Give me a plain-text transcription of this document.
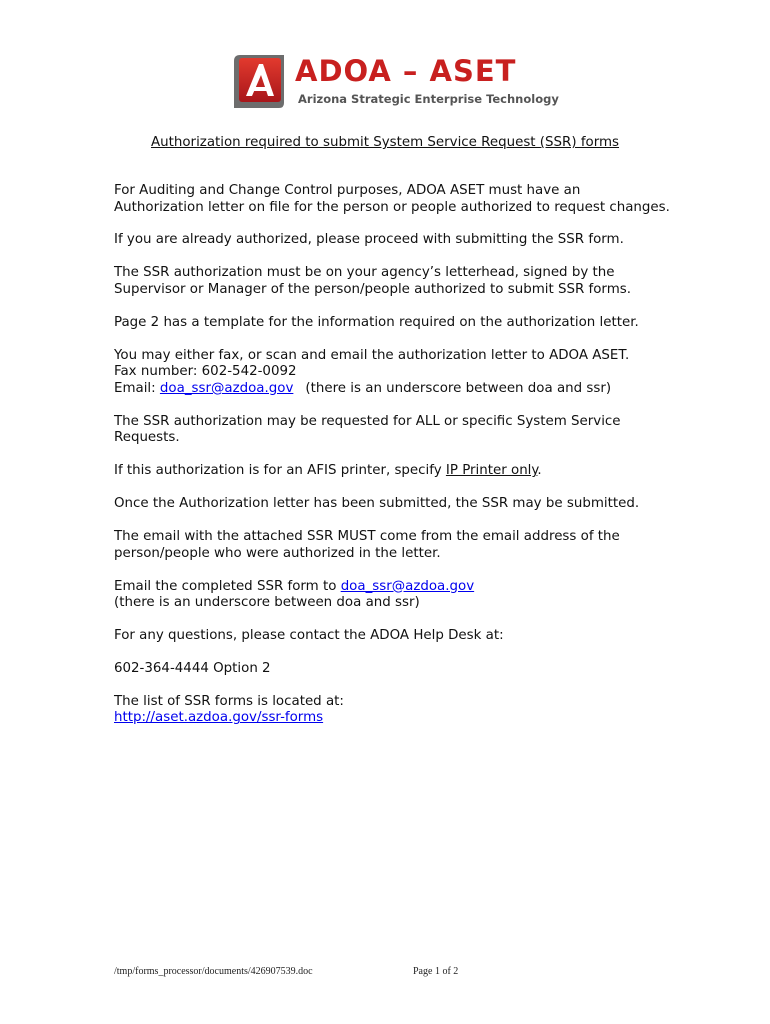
ADOA – ASET
Arizona Strategic Enterprise Technology
Authorization required to submit System Service Request (SSR) forms

For Auditing and Change Control purposes, ADOA ASET must have an Authorization letter on file for the person or people authorized to request changes.

If you are already authorized, please proceed with submitting the SSR form.

The SSR authorization must be on your agency’s letterhead, signed by the Supervisor or Manager of the person/people authorized to submit SSR forms.

Page 2 has a template for the information required on the authorization letter.

You may either fax, or scan and email the authorization letter to ADOA ASET.
Fax number: 602-542-0092
Email: doa_ssr@azdoa.gov (there is an underscore between doa and ssr)

The SSR authorization may be requested for ALL or specific System Service Requests.

If this authorization is for an AFIS printer, specify IP Printer only.

Once the Authorization letter has been submitted, the SSR may be submitted.

The email with the attached SSR MUST come from the email address of the person/people who were authorized in the letter.

Email the completed SSR form to doa_ssr@azdoa.gov
(there is an underscore between doa and ssr)

For any questions, please contact the ADOA Help Desk at:

602-364-4444 Option 2

The list of SSR forms is located at:
http://aset.azdoa.gov/ssr-forms

/tmp/forms_processor/documents/426907539.doc	Page 1 of 2
